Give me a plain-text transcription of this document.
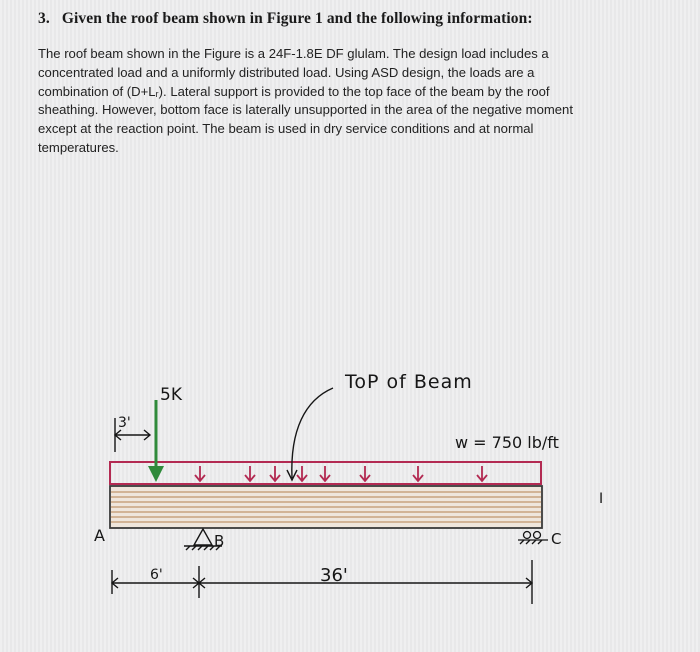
3. Given the roof beam shown in Figure 1 and the following information:
The roof beam shown in the Figure is a 24F-1.8E DF glulam. The design load includes a
concentrated load and a uniformly distributed load. Using ASD design, the loads are a
combination of (D+Lᵣ). Lateral support is provided to the top face of the beam by the roof
sheathing. However, bottom face is laterally unsupported in the area of the negative moment
except at the reaction point. The beam is used in dry service conditions and at normal
temperatures.
5K
3'
ToP of Beam
w = 750 lb/ft
I
A	B	C
6'	36'
